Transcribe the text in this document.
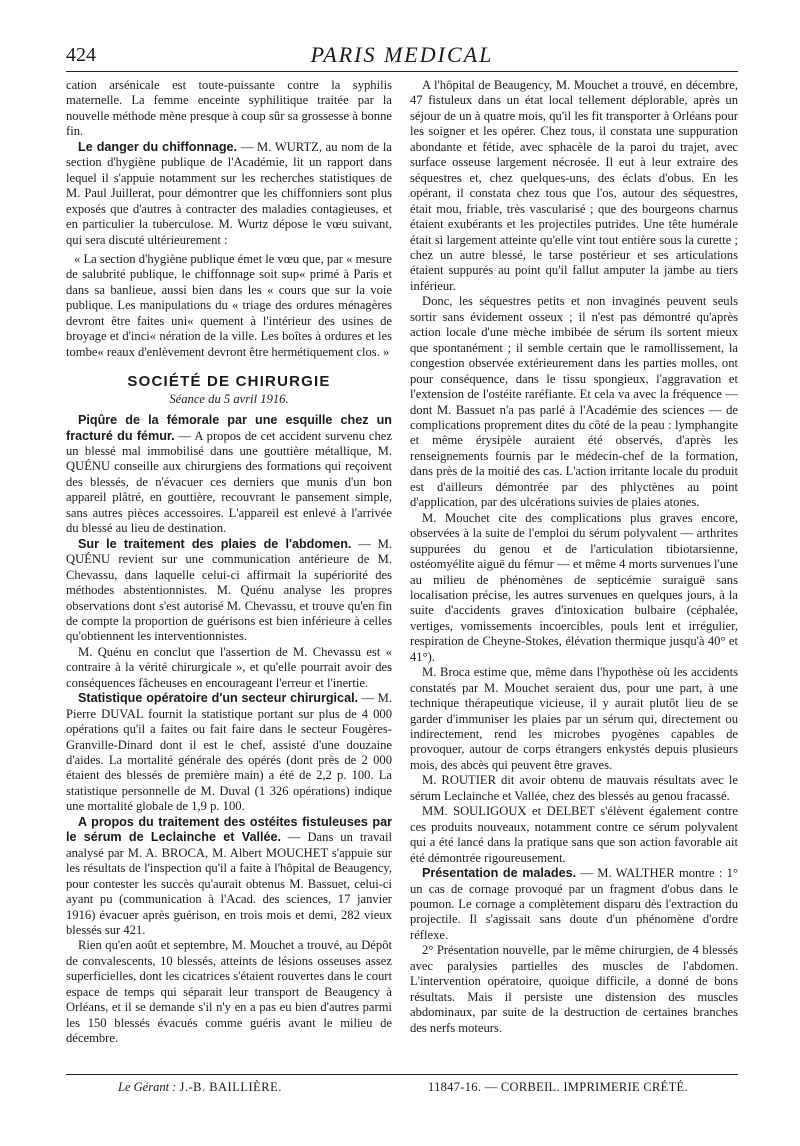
424	PARIS MEDICAL

cation arsénicale est toute-puissante contre la syphilis maternelle. La femme enceinte syphilitique traitée par la nouvelle méthode mène presque à coup sûr sa grossesse à bonne fin.

Le danger du chiffonnage. — M. WURTZ, au nom de la section d'hygiène publique de l'Académie, lit un rapport dans lequel il s'appuie notamment sur les recherches statistiques de M. Paul Juillerat, pour démontrer que les chiffonniers sont plus exposés que d'autres à contracter des maladies contagieuses, et en particulier la tuberculose. M. Wurtz dépose le vœu suivant, qui sera discuté ultérieurement :

« La section d'hygiène publique émet le vœu que, par « mesure de salubrité publique, le chiffonnage soit sup« primé à Paris et dans sa banlieue, aussi bien dans les « cours que sur la voie publique. Les manipulations du « triage des ordures ménagères devront être faites uni« quement à l'intérieur des usines de broyage et d'inci« nération de la ville. Les boîtes à ordures et les tombe« reaux d'enlèvement devront être hermétiquement clos. »

SOCIÉTÉ DE CHIRURGIE
Séance du 5 avril 1916.

Piqûre de la fémorale par une esquille chez un fracturé du fémur. — A propos de cet accident survenu chez un blessé mal immobilisé dans une gouttière métallique, M. QUÉNU conseille aux chirurgiens des formations qui reçoivent des blessés, de n'évacuer ces derniers que munis d'un bon appareil plâtré, en gouttière, recouvrant le pansement simple, sans autres pièces accessoires. L'appareil est enlevé à l'arrivée du blessé au lieu de destination.

Sur le traitement des plaies de l'abdomen. — M. QUÉNU revient sur une communication antérieure de M. Chevassu, dans laquelle celui-ci affirmait la supériorité des méthodes abstentionnistes. M. Quénu analyse les propres observations dont s'est autorisé M. Chevassu, et trouve qu'en fin de compte la proportion de guérisons est bien inférieure à celles qu'obtiennent les interventionnistes.

M. Quénu en conclut que l'assertion de M. Chevassu est « contraire à la vérité chirurgicale », et qu'elle pourrait avoir des conséquences fâcheuses en encourageant l'erreur et l'inertie.

Statistique opératoire d'un secteur chirurgical. — M. Pierre DUVAL fournit la statistique portant sur plus de 4 000 opérations qu'il a faites ou fait faire dans le secteur Fougères-Granville-Dinard dont il est le chef, assisté d'une douzaine d'aides. La mortalité générale des opérés (dont près de 2 000 étaient des blessés de première main) a été de 2,2 p. 100. La statistique personnelle de M. Duval (1 326 opérations) indique une mortalité globale de 1,9 p. 100.

A propos du traitement des ostéites fistuleuses par le sérum de Leclainche et Vallée. — Dans un travail analysé par M. A. BROCA, M. Albert MOUCHET s'appuie sur les résultats de l'inspection qu'il a faite à l'hôpital de Beaugency, pour contester les succès qu'aurait obtenus M. Bassuet, celui-ci ayant pu (communication à l'Acad. des sciences, 17 janvier 1916) évacuer après guérison, en trois mois et demi, 282 vieux blessés sur 421.

Rien qu'en août et septembre, M. Mouchet a trouvé, au Dépôt de convalescents, 10 blessés, atteints de lésions osseuses assez superficielles, dont les cicatrices s'étaient rouvertes dans le court espace de temps qui séparait leur transport de Beaugency à Orléans, et il se demande s'il n'y en a pas eu bien d'autres parmi les 150 blessés évacués comme guéris avant le milieu de décembre.

A l'hôpital de Beaugency, M. Mouchet a trouvé, en décembre, 47 fistuleux dans un état local tellement déplorable, après un séjour de un à quatre mois, qu'il les fit transporter à Orléans pour les soigner et les opérer. Chez tous, il constata une suppuration abondante et fétide, avec sphacèle de la paroi du trajet, avec surface osseuse largement nécrosée. Il eut à leur extraire des séquestres et, chez quelques-uns, des éclats d'obus. En les opérant, il constata chez tous que l'os, autour des séquestres, était mou, friable, très vascularisé ; que des bourgeons charnus étaient exubérants et les projectiles putrides. Une tête humérale était si largement atteinte qu'elle vint tout entière sous la curette ; chez un autre blessé, le tarse postérieur et ses articulations étaient suppurés au point qu'il fallut amputer la jambe au tiers inférieur.

Donc, les séquestres petits et non invaginés peuvent seuls sortir sans évidement osseux ; il n'est pas démontré qu'après action locale d'une mèche imbibée de sérum ils sortent mieux que spontanément ; il semble certain que le ramollissement, la congestion observée extérieurement dans les parties molles, ont pour conséquence, dans le tissu spongieux, l'aggravation et l'extension de l'ostéite raréfiante. Et cela va avec la fréquence — dont M. Bassuet n'a pas parlé à l'Académie des sciences — de complications proprement dites du côté de la peau : lymphangite et même érysipèle auraient été observés, d'après les renseignements fournis par le médecin-chef de la formation, dans près de la moitié des cas. L'action irritante locale du produit est d'ailleurs démontrée par des phlyctènes au point d'application, par des ulcérations suivies de plaies atones.

M. Mouchet cite des complications plus graves encore, observées à la suite de l'emploi du sérum polyvalent — arthrites suppurées du genou et de l'articulation tibiotarsienne, ostéomyélite aiguë du fémur — et même 4 morts survenues l'une au milieu de phénomènes de septicémie suraiguë sans localisation précise, les autres survenues en quelques jours, à la suite d'accidents graves d'intoxication bulbaire (céphalée, vertiges, vomissements incoercibles, pouls lent et irrégulier, respiration de Cheyne-Stokes, élévation thermique jusqu'à 40° et 41°).

M. Broca estime que, même dans l'hypothèse où les accidents constatés par M. Mouchet seraient dus, pour une part, à une technique thérapeutique vicieuse, il y aurait plutôt lieu de se garder d'immuniser les plaies par un sérum qui, directement ou indirectement, rend les microbes pyogènes capables de provoquer, autour de corps étrangers enkystés depuis plusieurs mois, des abcès qui peuvent être graves.

M. ROUTIER dit avoir obtenu de mauvais résultats avec le sérum Leclainche et Vallée, chez des blessés au genou fracassé.

MM. SOULIGOUX et DELBET s'élèvent également contre ces produits nouveaux, notamment contre ce sérum polyvalent qui a été lancé dans la pratique sans que son action favorable ait été démontrée rigoureusement.

Présentation de malades. — M. WALTHER montre : 1° un cas de cornage provoqué par un fragment d'obus dans le poumon. Le cornage a complètement disparu dès l'extraction du projectile. Il s'agissait sans doute d'un phénomène d'ordre réflexe.

2° Présentation nouvelle, par le même chirurgien, de 4 blessés avec paralysies partielles des muscles de l'abdomen. L'intervention opératoire, quoique difficile, a donné de bons résultats. Mais il persiste une distension des muscles abdominaux, par suite de la destruction de certaines branches des nerfs moteurs.

Le Gérant : J.-B. BAILLIÈRE.	11847-16. — CORBEIL. IMPRIMERIE CRÉTÉ.
